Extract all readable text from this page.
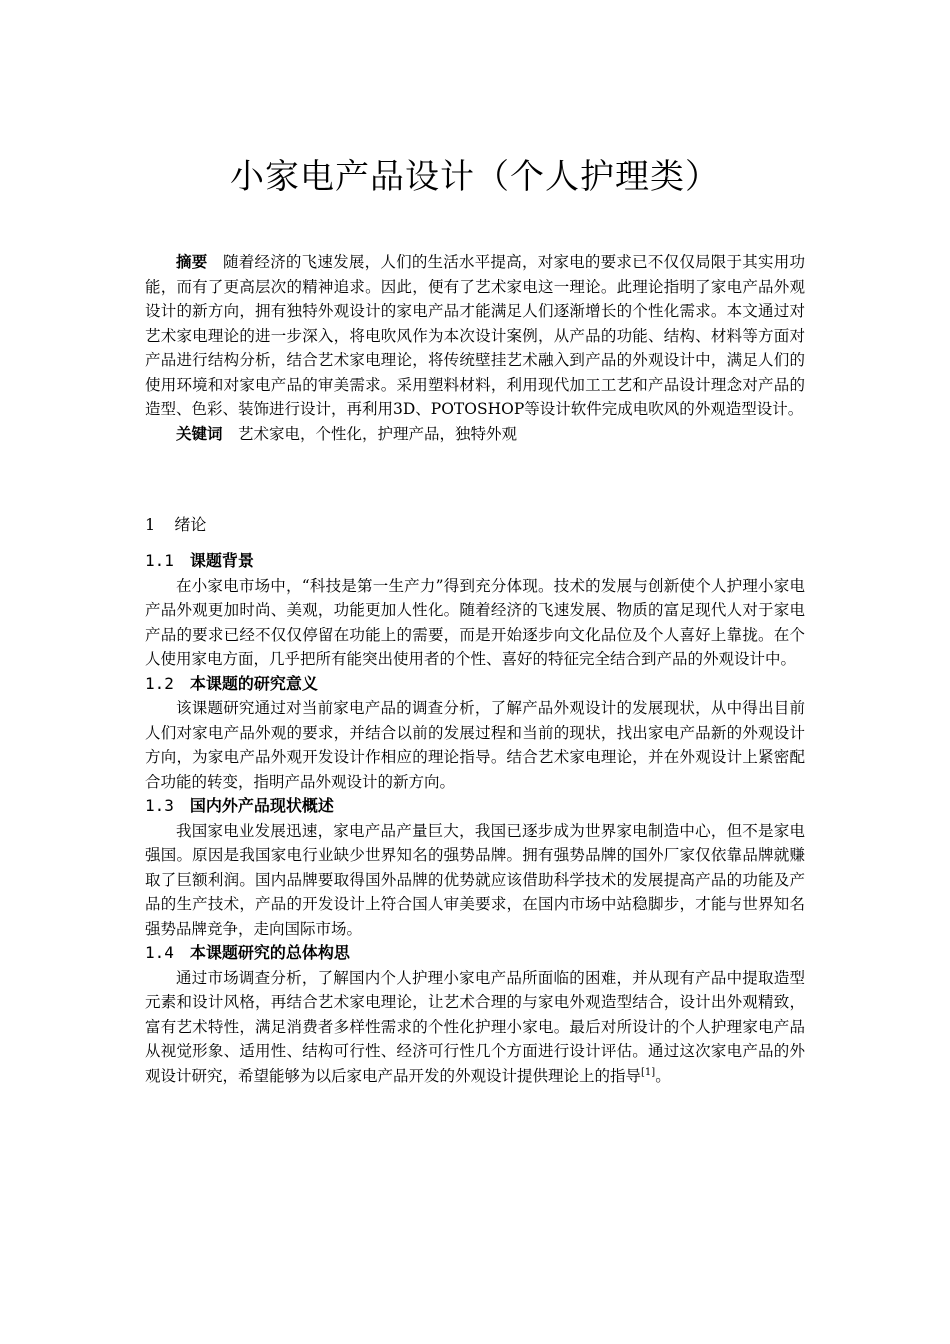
小家电产品设计（个人护理类）

摘要 随着经济的飞速发展，人们的生活水平提高，对家电的要求已不仅仅局限于其实用功能，而有了更高层次的精神追求。因此，便有了艺术家电这一理论。此理论指明了家电产品外观设计的新方向，拥有独特外观设计的家电产品才能满足人们逐渐增长的个性化需求。本文通过对艺术家电理论的进一步深入，将电吹风作为本次设计案例，从产品的功能、结构、材料等方面对产品进行结构分析，结合艺术家电理论，将传统壁挂艺术融入到产品的外观设计中，满足人们的使用环境和对家电产品的审美需求。采用塑料材料，利用现代加工工艺和产品设计理念对产品的造型、色彩、装饰进行设计，再利用3D、POTOSHOP等设计软件完成电吹风的外观造型设计。

关键词 艺术家电，个性化，护理产品，独特外观

1 绪论

1.1 课题背景

在小家电市场中，“科技是第一生产力”得到充分体现。技术的发展与创新使个人护理小家电产品外观更加时尚、美观，功能更加人性化。随着经济的飞速发展、物质的富足现代人对于家电产品的要求已经不仅仅停留在功能上的需要，而是开始逐步向文化品位及个人喜好上靠拢。在个人使用家电方面，几乎把所有能突出使用者的个性、喜好的特征完全结合到产品的外观设计中。

1.2 本课题的研究意义

该课题研究通过对当前家电产品的调查分析，了解产品外观设计的发展现状，从中得出目前人们对家电产品外观的要求，并结合以前的发展过程和当前的现状，找出家电产品新的外观设计方向，为家电产品外观开发设计作相应的理论指导。结合艺术家电理论，并在外观设计上紧密配合功能的转变，指明产品外观设计的新方向。

1.3 国内外产品现状概述

我国家电业发展迅速，家电产品产量巨大，我国已逐步成为世界家电制造中心，但不是家电强国。原因是我国家电行业缺少世界知名的强势品牌。拥有强势品牌的国外厂家仅依靠品牌就赚取了巨额利润。国内品牌要取得国外品牌的优势就应该借助科学技术的发展提高产品的功能及产品的生产技术，产品的开发设计上符合国人审美要求，在国内市场中站稳脚步，才能与世界知名强势品牌竞争，走向国际市场。

1.4 本课题研究的总体构思

通过市场调查分析，了解国内个人护理小家电产品所面临的困难，并从现有产品中提取造型元素和设计风格，再结合艺术家电理论，让艺术合理的与家电外观造型结合，设计出外观精致，富有艺术特性，满足消费者多样性需求的个性化护理小家电。最后对所设计的个人护理家电产品从视觉形象、适用性、结构可行性、经济可行性几个方面进行设计评估。通过这次家电产品的外观设计研究，希望能够为以后家电产品开发的外观设计提供理论上的指导[1]。
